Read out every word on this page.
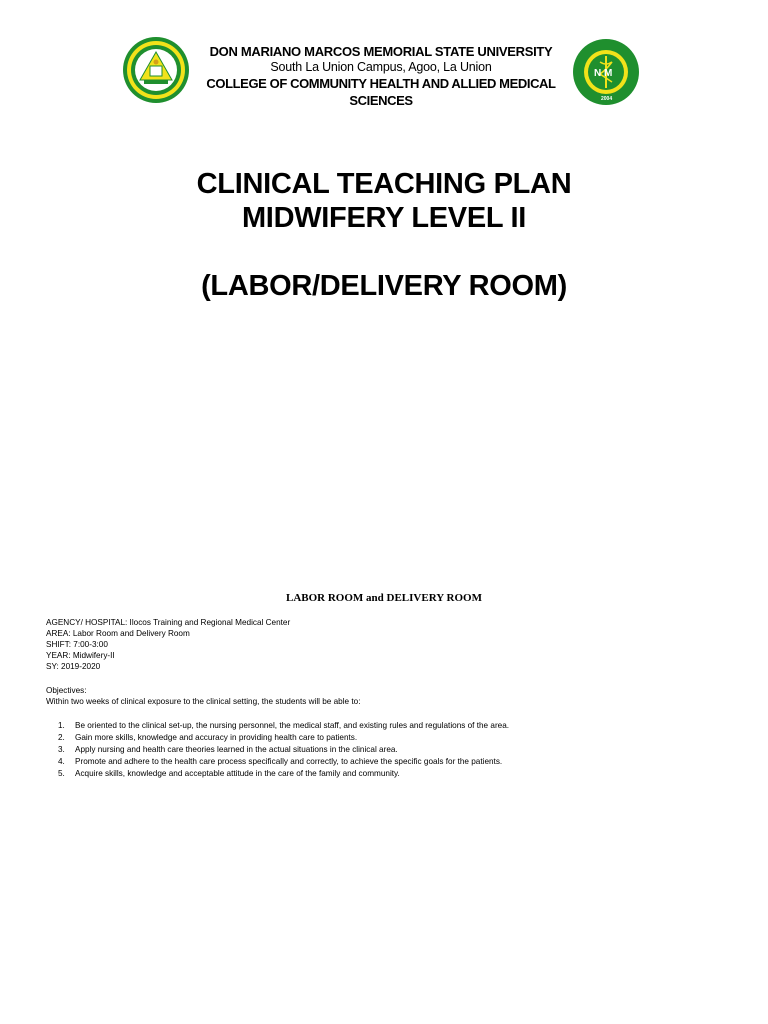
DON MARIANO MARCOS MEMORIAL STATE UNIVERSITY
South La Union Campus, Agoo, La Union
COLLEGE OF COMMUNITY HEALTH AND ALLIED MEDICAL SCIENCES
N M
2004
CLINICAL TEACHING PLAN
MIDWIFERY LEVEL II
(LABOR/DELIVERY ROOM)
LABOR ROOM and DELIVERY ROOM
AGENCY/ HOSPITAL: Ilocos Training and Regional Medical Center
AREA: Labor Room and Delivery Room
SHIFT: 7:00-3:00
YEAR: Midwifery-II
SY: 2019-2020
Objectives:
Within two weeks of clinical exposure to the clinical setting, the students will be able to:
1. Be oriented to the clinical set-up, the nursing personnel, the medical staff, and existing rules and regulations of the area.
2. Gain more skills, knowledge and accuracy in providing health care to patients.
3. Apply nursing and health care theories learned in the actual situations in the clinical area.
4. Promote and adhere to the health care process specifically and correctly, to achieve the specific goals for the patients.
5. Acquire skills, knowledge and acceptable attitude in the care of the family and community.
